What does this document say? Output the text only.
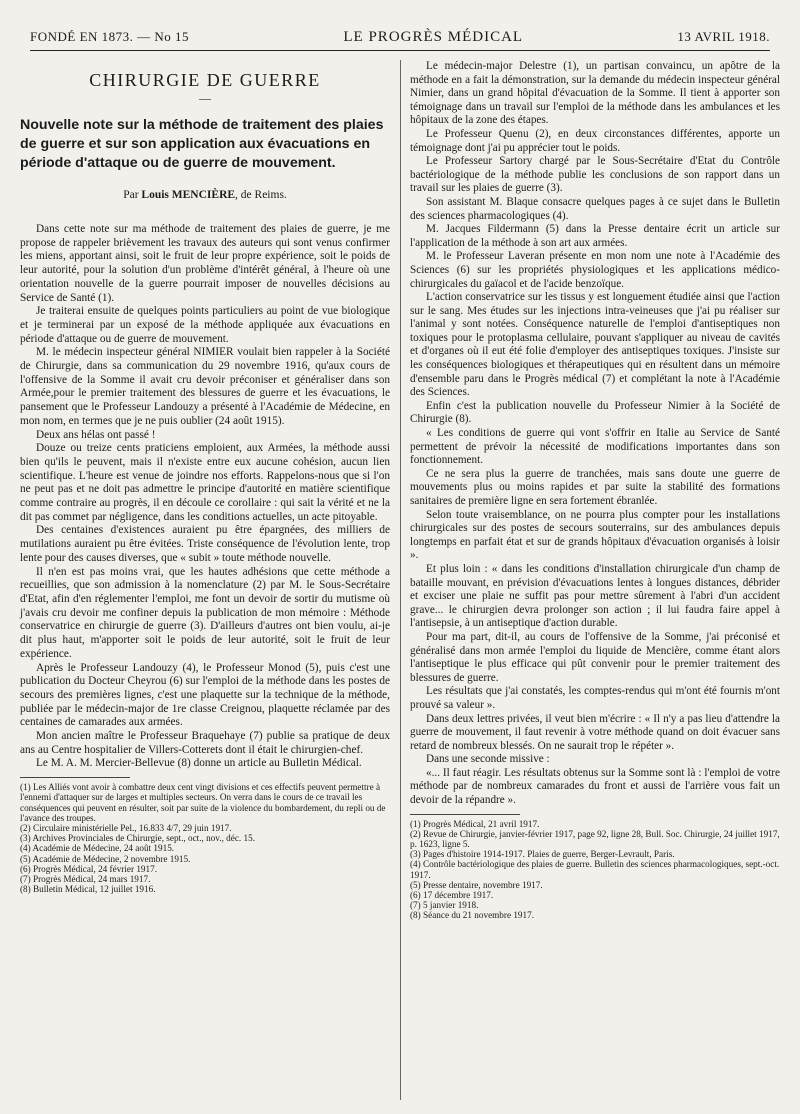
FONDÉ EN 1873. — No 15	LE PROGRÈS MÉDICAL	13 AVRIL 1918.
CHIRURGIE DE GUERRE
—
Nouvelle note sur la méthode de traitement des plaies de guerre et sur son application aux évacuations en période d'attaque ou de guerre de mouvement.
Par Louis MENCIÈRE, de Reims.

Dans cette note sur ma méthode de traitement des plaies de guerre, je me propose de rappeler brièvement les travaux des auteurs qui sont venus confirmer les miens, apportant ainsi, soit le fruit de leur propre expérience, soit le poids de leur autorité, pour la solution d'un problème d'intérêt général, à l'heure où une orientation nouvelle de la guerre pourrait imposer de nouvelles décisions au Service de Santé (1).

Je traiterai ensuite de quelques points particuliers au point de vue biologique et je terminerai par un exposé de la méthode appliquée aux évacuations en période d'attaque ou de guerre de mouvement.

M. le médecin inspecteur général NIMIER voulait bien rappeler à la Société de Chirurgie, dans sa communication du 29 novembre 1916, qu'aux cours de l'offensive de la Somme il avait cru devoir préconiser et généraliser dans son Armée,pour le premier traitement des blessures de guerre et les évacuations, le pansement que le Professeur Landouzy a présenté à l'Académie de Médecine, en mon nom, en termes que je ne puis oublier (24 août 1915).

Deux ans hélas ont passé !

Douze ou treize cents praticiens emploient, aux Armées, la méthode aussi bien qu'ils le peuvent, mais il n'existe entre eux aucune cohésion, aucun lien scientifique. L'heure est venue de joindre nos efforts. Rappelons-nous que si l'on ne peut pas et ne doit pas admettre le principe d'autorité en matière scientifique comme contraire au progrès, il en découle ce corollaire : qui sait la vérité et ne la dit pas commet par négligence, dans les conditions actuelles, un acte pitoyable.

Des centaines d'existences auraient pu être épargnées, des milliers de mutilations auraient pu être évitées. Triste conséquence de l'évolution lente, trop lente pour des causes diverses, que « subit » toute méthode nouvelle.

Il n'en est pas moins vrai, que les hautes adhésions que cette méthode a recueillies, que son admission à la nomenclature (2) par M. le Sous-Secrétaire d'Etat, afin d'en réglementer l'emploi, me font un devoir de sortir du mutisme où j'avais cru devoir me confiner depuis la publication de mon mémoire : Méthode conservatrice en chirurgie de guerre (3). D'ailleurs d'autres ont bien voulu, ai-je dit plus haut, m'apporter soit le poids de leur autorité, soit le fruit de leur expérience.

Après le Professeur Landouzy (4), le Professeur Monod (5), puis c'est une publication du Docteur Cheyrou (6) sur l'emploi de la méthode dans les postes de secours des premières lignes, c'est une plaquette sur la technique de la méthode, publiée par le médecin-major de 1re classe Creignou, plaquette réclamée par des centaines de camarades aux armées.

Mon ancien maître le Professeur Braquehaye (7) publie sa pratique de deux ans au Centre hospitalier de Villers-Cotterets dont il était le chirurgien-chef.

Le M. A. M. Mercier-Bellevue (8) donne un article au Bulletin Médical.

(1) Les Alliés vont avoir à combattre deux cent vingt divisions et ces effectifs peuvent permettre à l'ennemi d'attaquer sur de larges et multiples secteurs. On verra dans le cours de ce travail les conséquences qui peuvent en résulter, soit par suite de la violence du bombardement, du repli ou de l'avance des troupes.
(2) Circulaire ministérielle Pel., 16.833 4/7, 29 juin 1917.
(3) Archives Provinciales de Chirurgie, sept., oct., nov., déc. 15.
(4) Académie de Médecine, 24 août 1915.
(5) Académie de Médecine, 2 novembre 1915.
(6) Progrès Médical, 24 février 1917.
(7) Progrès Médical, 24 mars 1917.
(8) Bulletin Médical, 12 juillet 1916.

Le médecin-major Delestre (1), un partisan convaincu, un apôtre de la méthode en a fait la démonstration, sur la demande du médecin inspecteur général Nimier, dans un grand hôpital d'évacuation de la Somme. Il tient à apporter son témoignage dans un travail sur l'emploi de la méthode dans les ambulances et les hôpitaux de la zone des étapes.

Le Professeur Quenu (2), en deux circonstances différentes, apporte un témoignage dont j'ai pu apprécier tout le poids.

Le Professeur Sartory chargé par le Sous-Secrétaire d'Etat du Contrôle bactériologique de la méthode publie les conclusions de son rapport dans un travail sur les plaies de guerre (3).

Son assistant M. Blaque consacre quelques pages à ce sujet dans le Bulletin des sciences pharmacologiques (4).

M. Jacques Fildermann (5) dans la Presse dentaire écrit un article sur l'application de la méthode à son art aux armées.

M. le Professeur Laveran présente en mon nom une note à l'Académie des Sciences (6) sur les propriétés physiologiques et les applications médico-chirurgicales du gaïacol et de l'acide benzoïque.

L'action conservatrice sur les tissus y est longuement étudiée ainsi que l'action sur le sang. Mes études sur les injections intra-veineuses que j'ai pu réaliser sur l'animal y sont notées. Conséquence naturelle de l'emploi d'antiseptiques non toxiques pour le protoplasma cellulaire, pouvant s'appliquer au niveau de cavités et d'organes où il eut été folie d'employer des antiseptiques toxiques. J'insiste sur les conséquences biologiques et thérapeutiques qui en résultent dans un mémoire d'ensemble paru dans le Progrès médical (7) et complétant la note à l'Académie des Sciences.

Enfin c'est la publication nouvelle du Professeur Nimier à la Société de Chirurgie (8).

« Les conditions de guerre qui vont s'offrir en Italie au Service de Santé permettent de prévoir la nécessité de modifications importantes dans son fonctionnement.

Ce ne sera plus la guerre de tranchées, mais sans doute une guerre de mouvements plus ou moins rapides et par suite la stabilité des formations sanitaires de première ligne en sera fortement ébranlée.

Selon toute vraisemblance, on ne pourra plus compter pour les installations chirurgicales sur des postes de secours souterrains, sur des ambulances depuis longtemps en parfait état et sur de grands hôpitaux d'évacuation organisés à loisir ».

Et plus loin : « dans les conditions d'installation chirurgicale d'un champ de bataille mouvant, en prévision d'évacuations lentes à longues distances, débrider et exciser une plaie ne suffit pas pour mettre sûrement à l'abri d'un accident grave... le chirurgien devra prolonger son action ; il lui faudra faire appel à l'antisepsie, à un antiseptique d'action durable.

Pour ma part, dit-il, au cours de l'offensive de la Somme, j'ai préconisé et généralisé dans mon armée l'emploi du liquide de Mencière, comme étant alors l'antiseptique le plus efficace qui pût convenir pour le premier traitement des blessures de guerre.

Les résultats que j'ai constatés, les comptes-rendus qui m'ont été fournis m'ont prouvé sa valeur ».

Dans deux lettres privées, il veut bien m'écrire : « Il n'y a pas lieu d'attendre la guerre de mouvement, il faut revenir à votre méthode quand on doit évacuer sans retard de nombreux blessés. On ne saurait trop le répéter ».

Dans une seconde missive :

«... Il faut réagir. Les résultats obtenus sur la Somme sont là : l'emploi de votre méthode par de nombreux camarades du front et aussi de l'arrière vous fait un devoir de la répandre ».

(1) Progrès Médical, 21 avril 1917.
(2) Revue de Chirurgie, janvier-février 1917, page 92, ligne 28, Bull. Soc. Chirurgie, 24 juillet 1917, p. 1623, ligne 5.
(3) Pages d'histoire 1914-1917. Plaies de guerre, Berger-Levrault, Paris.
(4) Contrôle bactériologique des plaies de guerre. Bulletin des sciences pharmacologiques, sept.-oct. 1917.
(5) Presse dentaire, novembre 1917.
(6) 17 décembre 1917.
(7) 5 janvier 1918.
(8) Séance du 21 novembre 1917.
